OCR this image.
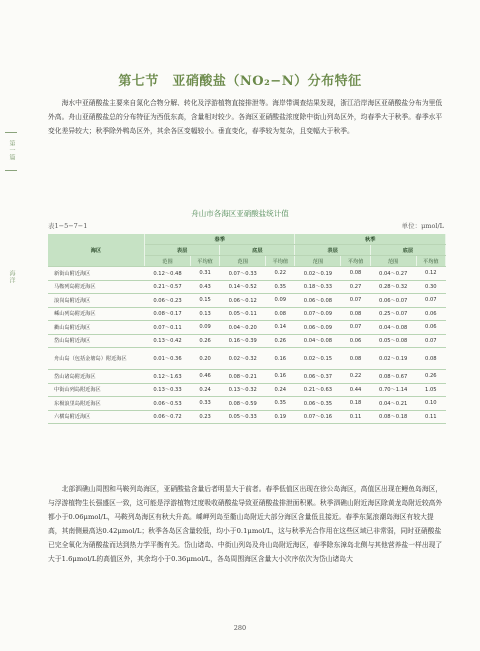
第一篇
海洋
第七节　亚硝酸盐（NO₂−N）分布特征

海水中亚硝酸盐主要来自氮化合物分解、转化及浮游植物直接排泄等。海岸带调查结果发现，浙江沿岸海区亚硝酸盐分布为里低外高。舟山亚硝酸盐总的分布特征为西低东高，含量相对较少。各海区亚硝酸盐浓度除中街山列岛区外，均春季大于秋季。春季水平变化差异较大；秋季除外鸭岛区外，其余各区变幅较小。垂直变化，春季较为复杂，且变幅大于秋季。

舟山市各海区亚硝酸盐统计值
表1−5−7−1	单位：μmol/L
海区	春季				秋季			
	表层		底层		表层		底层	
	范围	平均值	范围	平均值	范围	平均值	范围	平均值
新街山附近海区	0.12～0.48	0.31	0.07～0.33	0.22	0.02～0.19	0.08	0.04～0.27	0.12
马鞍列岛附近海区	0.21～0.57	0.43	0.14～0.52	0.35	0.18～0.33	0.27	0.28～0.32	0.30
浪岗岛附近海区	0.06～0.23	0.15	0.06～0.12	0.09	0.06～0.08	0.07	0.06～0.07	0.07
嵊山列岛附近海区	0.08～0.17	0.13	0.05～0.11	0.08	0.07～0.09	0.08	0.25～0.07	0.06
衢山岛附近海区	0.07～0.11	0.09	0.04～0.20	0.14	0.06～0.09	0.07	0.04～0.08	0.06
岱山岛附近海区	0.13～0.42	0.26	0.16～0.39	0.26	0.04～0.08	0.06	0.05～0.08	0.07
舟山岛（包括金塘岛）附近海区	0.01～0.36	0.20	0.02～0.32	0.16	0.02～0.15	0.08	0.02～0.19	0.08
岱山诸岛附近海区	0.12～1.63	0.46	0.08～0.21	0.16	0.06～0.37	0.22	0.08～0.67	0.26
中街山列岛附近海区	0.13～0.33	0.24	0.13～0.32	0.24	0.21～0.63	0.44	0.70～1.14	1.05
东极浪里岛附近海区	0.06～0.53	0.33	0.08～0.59	0.35	0.06～0.35	0.18	0.04～0.21	0.10
六横岛附近海区	0.06～0.72	0.23	0.05～0.33	0.19	0.07～0.16	0.11	0.08～0.18	0.11

北部泗礁山周围和马鞍列岛海区，亚硝酸盐含量后者明显大于前者。春季低值区出现在徐公岛海区，高值区出现在鳗鱼岛海区，与浮游植物生长强盛区一致，这可能是浮游植物过度吸收硝酸盐导致亚硝酸盐排泄面积累。秋季泗礁山附近海区除黄龙岛附近较高外都小于0.06μmol/L，马鞍列岛海区有秋大升高。嵊岬列岛至衢山岛附近大部分海区含量低且接近。春季东氮浪潮岛海区有较大提高，其南侧最高达0.42μmol/L；秋季各岛区含量较低，均小于0.1μmol/L，这与秋季光合作用在这些区域已非常弱，同时亚硝酸盐已完全氧化为硝酸盐而达到热力学平衡有关。岱山诸岛、中街山列岛及舟山岛附近海区，春季除东漳岛北侧与其他营养盐一样出现了大于1.6μmol/L的高值区外，其余均小于0.36μmol/L，各岛周围海区含量大小次序依次为岱山诸岛大

280
